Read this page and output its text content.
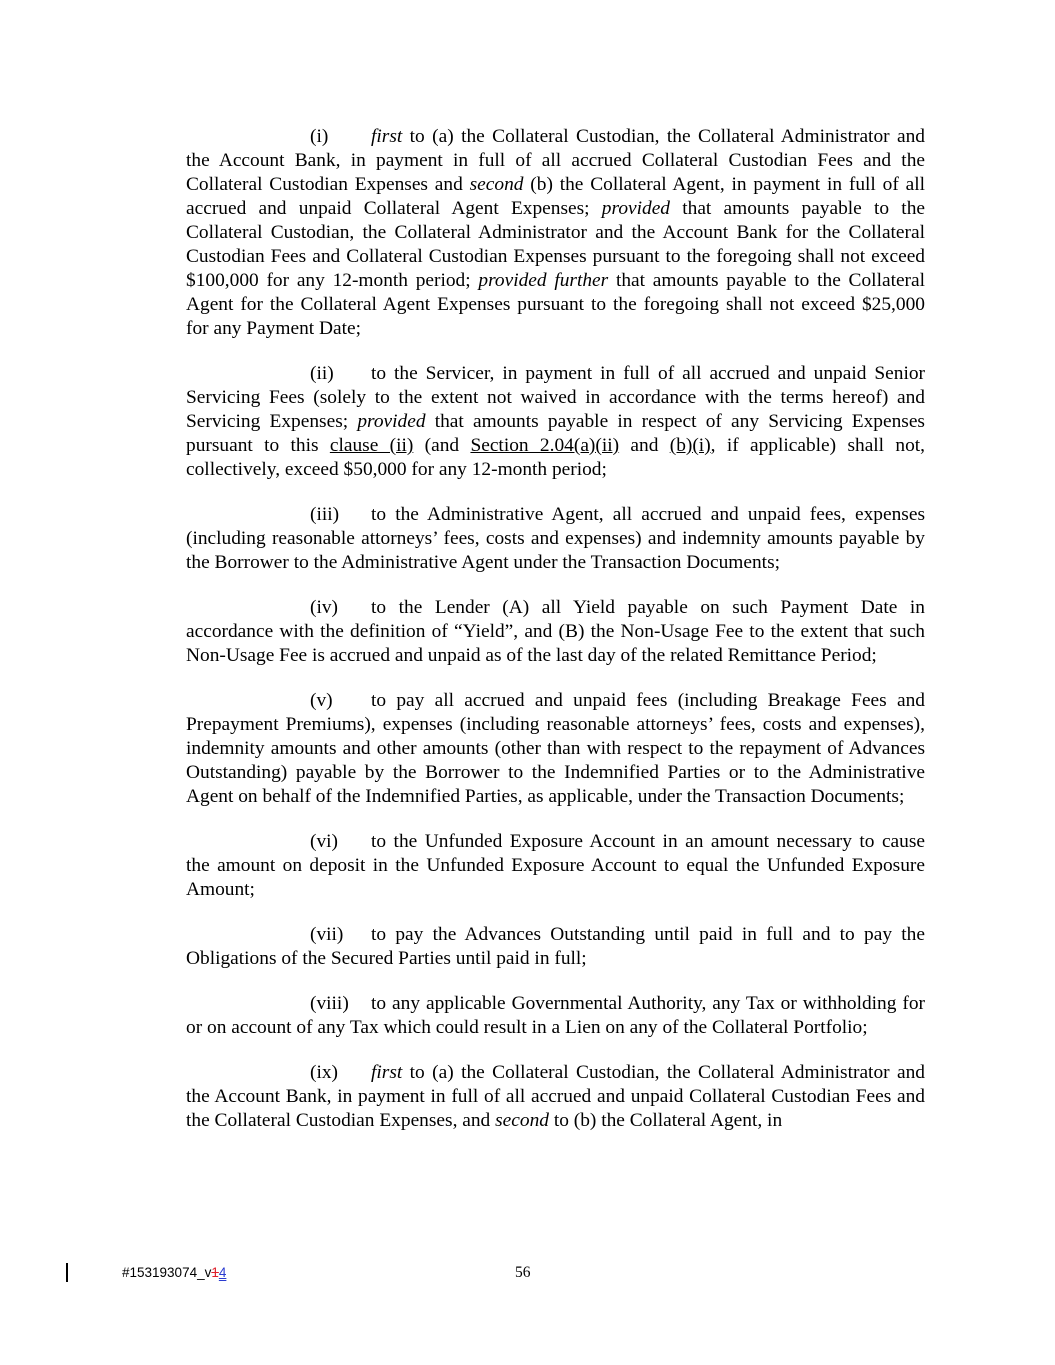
(i) first to (a) the Collateral Custodian, the Collateral Administrator and the Account Bank, in payment in full of all accrued Collateral Custodian Fees and the Collateral Custodian Expenses and second (b) the Collateral Agent, in payment in full of all accrued and unpaid Collateral Agent Expenses; provided that amounts payable to the Collateral Custodian, the Collateral Administrator and the Account Bank for the Collateral Custodian Fees and Collateral Custodian Expenses pursuant to the foregoing shall not exceed $100,000 for any 12-month period; provided further that amounts payable to the Collateral Agent for the Collateral Agent Expenses pursuant to the foregoing shall not exceed $25,000 for any Payment Date;

(ii) to the Servicer, in payment in full of all accrued and unpaid Senior Servicing Fees (solely to the extent not waived in accordance with the terms hereof) and Servicing Expenses; provided that amounts payable in respect of any Servicing Expenses pursuant to this clause (ii) (and Section 2.04(a)(ii) and (b)(i), if applicable) shall not, collectively, exceed $50,000 for any 12-month period;

(iii) to the Administrative Agent, all accrued and unpaid fees, expenses (including reasonable attorneys’ fees, costs and expenses) and indemnity amounts payable by the Borrower to the Administrative Agent under the Transaction Documents;

(iv) to the Lender (A) all Yield payable on such Payment Date in accordance with the definition of “Yield”, and (B) the Non-Usage Fee to the extent that such Non-Usage Fee is accrued and unpaid as of the last day of the related Remittance Period;

(v) to pay all accrued and unpaid fees (including Breakage Fees and Prepayment Premiums), expenses (including reasonable attorneys’ fees, costs and expenses), indemnity amounts and other amounts (other than with respect to the repayment of Advances Outstanding) payable by the Borrower to the Indemnified Parties or to the Administrative Agent on behalf of the Indemnified Parties, as applicable, under the Transaction Documents;

(vi) to the Unfunded Exposure Account in an amount necessary to cause the amount on deposit in the Unfunded Exposure Account to equal the Unfunded Exposure Amount;

(vii) to pay the Advances Outstanding until paid in full and to pay the Obligations of the Secured Parties until paid in full;

(viii) to any applicable Governmental Authority, any Tax or withholding for or on account of any Tax which could result in a Lien on any of the Collateral Portfolio;

(ix) first to (a) the Collateral Custodian, the Collateral Administrator and the Account Bank, in payment in full of all accrued and unpaid Collateral Custodian Fees and the Collateral Custodian Expenses, and second to (b) the Collateral Agent, in

#153193074_v14	56
